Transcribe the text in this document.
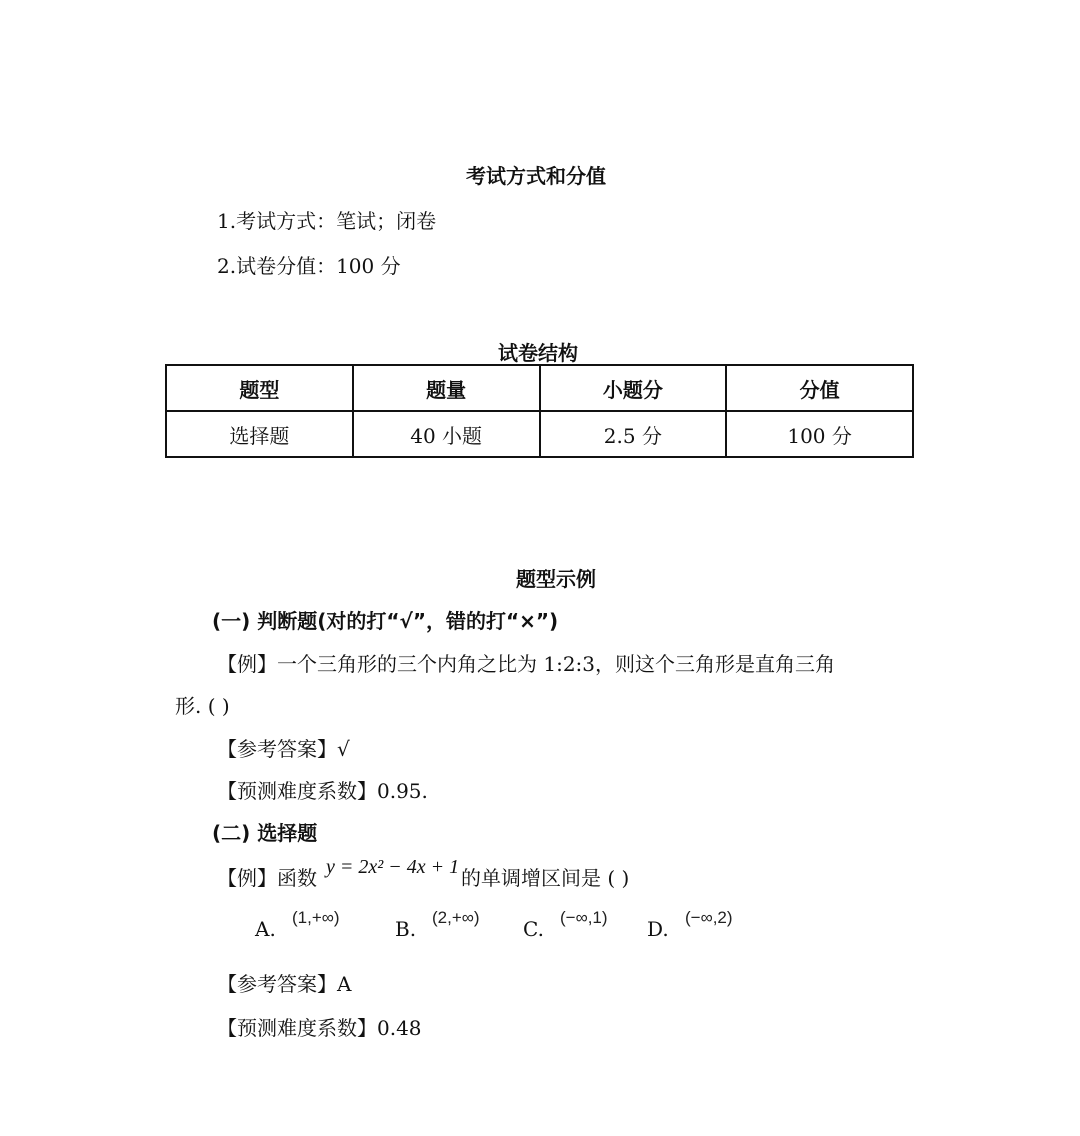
考试方式和分值
1.考试方式：笔试；闭卷
2.试卷分值：100 分
试卷结构
题型	题量	小题分	分值
选择题	40 小题	2.5 分	100 分
题型示例
(一) 判断题(对的打“√”，错的打“×”)
【例】一个三角形的三个内角之比为 1:2:3，则这个三角形是直角三角
形. ( )
【参考答案】√
【预测难度系数】0.95.
(二) 选择题
【例】函数 y = 2x² − 4x + 1 的单调增区间是 ( )
A. (1,+∞)	B. (2,+∞) C. (−∞,1) D. (−∞,2)
【参考答案】A
【预测难度系数】0.48
